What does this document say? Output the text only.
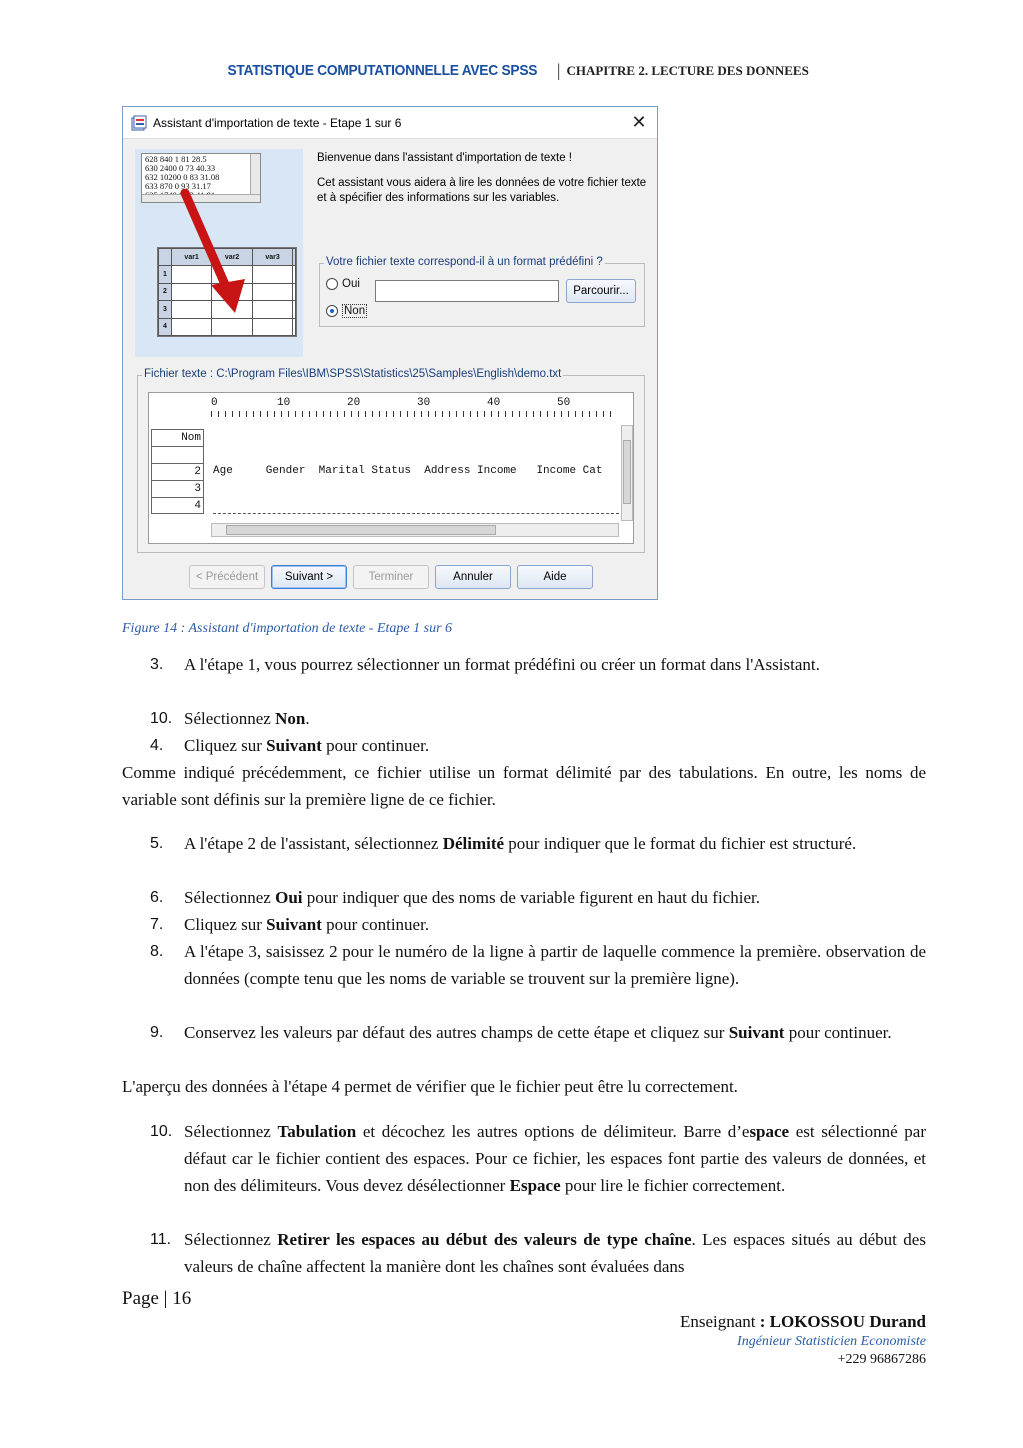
STATISTIQUE COMPUTATIONNELLE AVEC SPSS | CHAPITRE 2. LECTURE DES DONNEES
Assistant d'importation de texte - Etape 1 sur 6	✕
628 840 1 81 28.5
630 2400 0 73 40.33
632 10200 0 83 31.08
633 870 0 93 31.17
	var1	var2	var3	
1				
2				
3				
4				

Bienvenue dans l'assistant d'importation de texte !

Cet assistant vous aidera à lire les données de votre fichier texte et à spécifier des informations sur les variables.

Votre fichier texte correspond-il à un format prédéfini ?
Oui
Non
Parcourir...
Fichier texte : C:\Program Files\IBM\SPSS\Statistics\25\Samples\English\demo.txt
0	10	20	30	40	50
Nom
2
3
4

Age     Gender  Marital Status  Address Income   Income Cat

< Précédent	Suivant >	Terminer	Annuler	Aide
Figure 14 : Assistant d'importation de texte - Etape 1 sur 6
3. A l'étape 1, vous pourrez sélectionner un format prédéfini ou créer un format dans l'Assistant.
10. Sélectionnez Non.
4. Cliquez sur Suivant pour continuer.
Comme indiqué précédemment, ce fichier utilise un format délimité par des tabulations. En outre, les noms de variable sont définis sur la première ligne de ce fichier.
5. A l'étape 2 de l'assistant, sélectionnez Délimité pour indiquer que le format du fichier est structuré.
6. Sélectionnez Oui pour indiquer que des noms de variable figurent en haut du fichier.
7. Cliquez sur Suivant pour continuer.
8. A l'étape 3, saisissez 2 pour le numéro de la ligne à partir de laquelle commence la première. observation de données (compte tenu que les noms de variable se trouvent sur la première ligne).
9. Conservez les valeurs par défaut des autres champs de cette étape et cliquez sur Suivant pour continuer.
L'aperçu des données à l'étape 4 permet de vérifier que le fichier peut être lu correctement.
10. Sélectionnez Tabulation et décochez les autres options de délimiteur. Barre d’espace est sélectionné par défaut car le fichier contient des espaces. Pour ce fichier, les espaces font partie des valeurs de données, et non des délimiteurs. Vous devez désélectionner Espace pour lire le fichier correctement.
11. Sélectionnez Retirer les espaces au début des valeurs de type chaîne. Les espaces situés au début des valeurs de chaîne affectent la manière dont les chaînes sont évaluées dans
Page | 16
Enseignant : LOKOSSOU Durand
Ingénieur Statisticien Economiste
+229 96867286
